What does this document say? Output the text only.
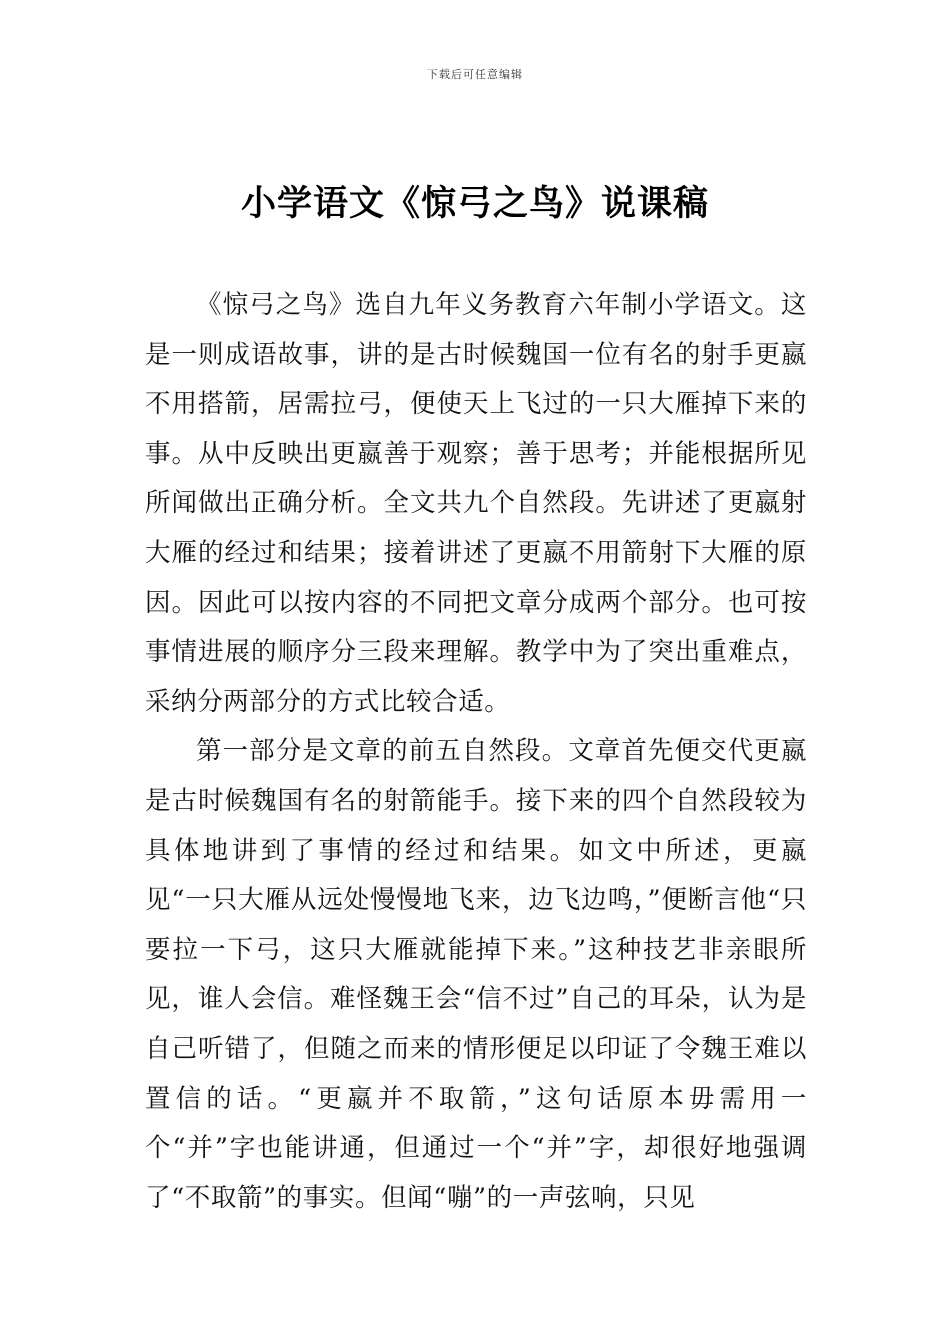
下载后可任意编辑
小学语文《惊弓之鸟》说课稿

《惊弓之鸟》选自九年义务教育六年制小学语文。这是一则成语故事，讲的是古时候魏国一位有名的射手更嬴不用搭箭，居需拉弓，便使天上飞过的一只大雁掉下来的事。从中反映出更嬴善于观察；善于思考；并能根据所见所闻做出正确分析。全文共九个自然段。先讲述了更嬴射大雁的经过和结果；接着讲述了更嬴不用箭射下大雁的原因。因此可以按内容的不同把文章分成两个部分。也可按事情进展的顺序分三段来理解。教学中为了突出重难点，采纳分两部分的方式比较合适。

第一部分是文章的前五自然段。文章首先便交代更嬴是古时候魏国有名的射箭能手。接下来的四个自然段较为具体地讲到了事情的经过和结果。如文中所述，更嬴见“一只大雁从远处慢慢地飞来，边飞边鸣，”便断言他“只要拉一下弓，这只大雁就能掉下来。”这种技艺非亲眼所见，谁人会信。难怪魏王会“信不过”自己的耳朵，认为是自己听错了，但随之而来的情形便足以印证了令魏王难以置信的话。“更嬴并不取箭，”这句话原本毋需用一个“并”字也能讲通，但通过一个“并”字，却很好地强调了“不取箭”的事实。但闻“嘣”的一声弦响，只见
